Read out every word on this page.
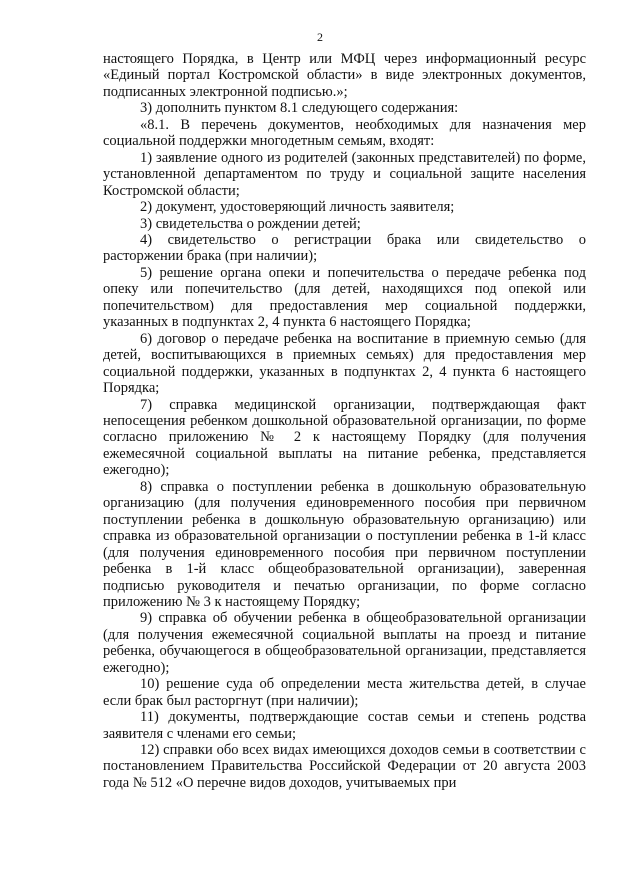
2

настоящего Порядка, в Центр или МФЦ через информационный ресурс «Единый портал Костромской области» в виде электронных документов, подписанных электронной подписью.»;

3) дополнить пунктом 8.1 следующего содержания:

«8.1. В перечень документов, необходимых для назначения мер социальной поддержки многодетным семьям, входят:

1) заявление одного из родителей (законных представителей) по форме, установленной департаментом по труду и социальной защите населения Костромской области;

2) документ, удостоверяющий личность заявителя;

3) свидетельства о рождении детей;

4) свидетельство о регистрации брака или свидетельство о расторжении брака (при наличии);

5) решение органа опеки и попечительства о передаче ребенка под опеку или попечительство (для детей, находящихся под опекой или попечительством) для предоставления мер социальной поддержки, указанных в подпунктах 2, 4 пункта 6 настоящего Порядка;

6) договор о передаче ребенка на воспитание в приемную семью (для детей, воспитывающихся в приемных семьях) для предоставления мер социальной поддержки, указанных в подпунктах 2, 4 пункта 6 настоящего Порядка;

7) справка медицинской организации, подтверждающая факт непосещения ребенком дошкольной образовательной организации, по форме согласно приложению № 2 к настоящему Порядку (для получения ежемесячной социальной выплаты на питание ребенка, представляется ежегодно);

8) справка о поступлении ребенка в дошкольную образовательную организацию (для получения единовременного пособия при первичном поступлении ребенка в дошкольную образовательную организацию) или справка из образовательной организации о поступлении ребенка в 1-й класс (для получения единовременного пособия при первичном поступлении ребенка в 1-й класс общеобразовательной организации), заверенная подписью руководителя и печатью организации, по форме согласно приложению № 3 к настоящему Порядку;

9) справка об обучении ребенка в общеобразовательной организации (для получения ежемесячной социальной выплаты на проезд и питание ребенка, обучающегося в общеобразовательной организации, представляется ежегодно);

10) решение суда об определении места жительства детей, в случае если брак был расторгнут (при наличии);

11) документы, подтверждающие состав семьи и степень родства заявителя с членами его семьи;

12) справки обо всех видах имеющихся доходов семьи в соответствии с постановлением Правительства Российской Федерации от 20 августа 2003 года № 512 «О перечне видов доходов, учитываемых при
